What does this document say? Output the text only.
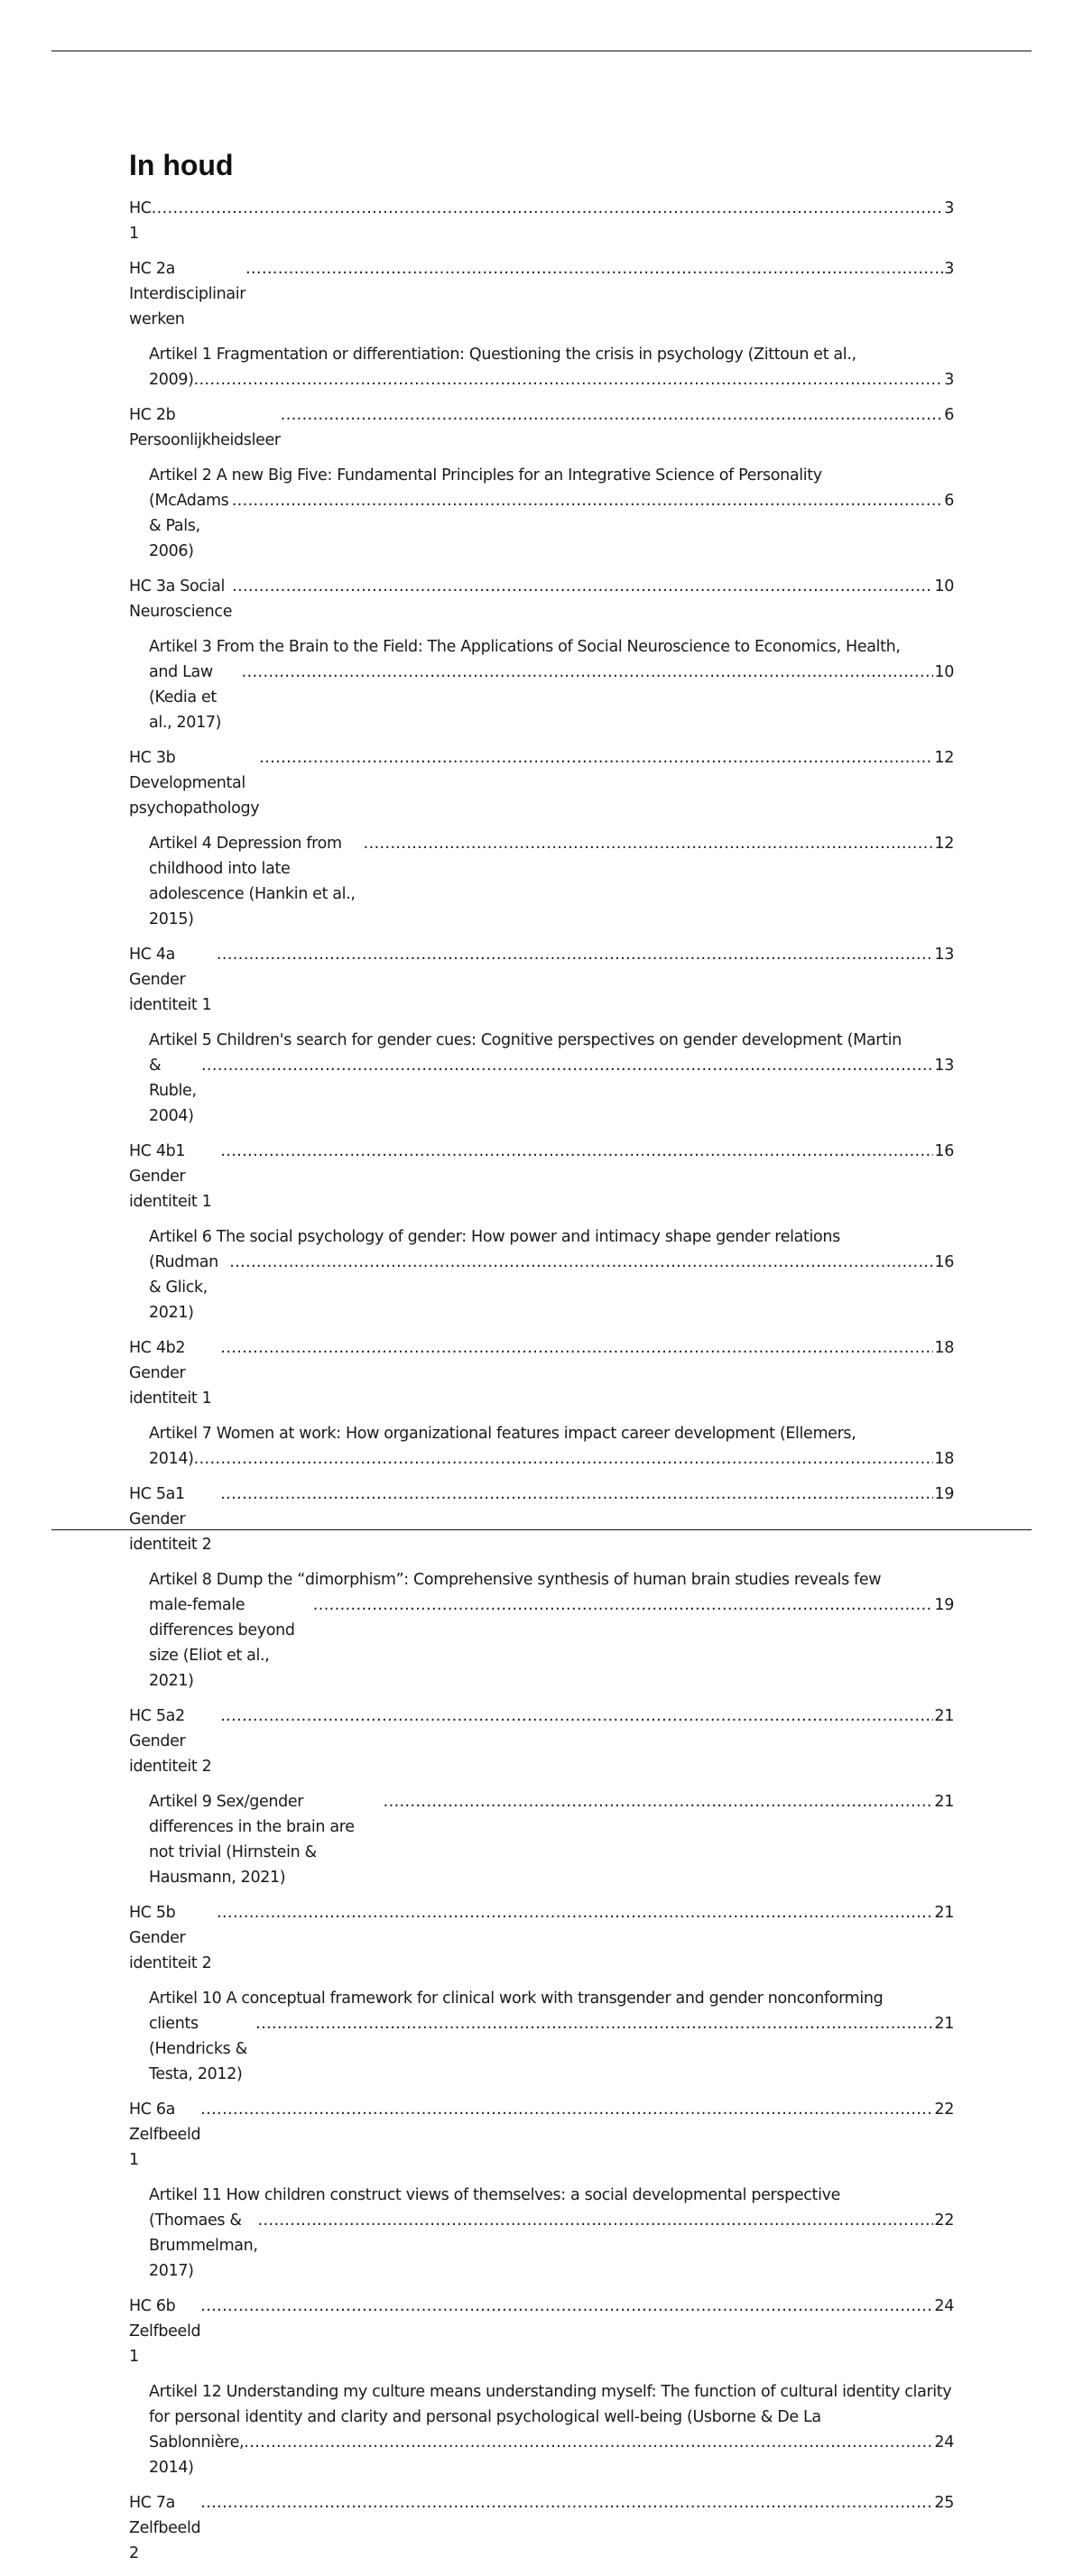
In houd
HC 1
.....
3
HC 2a Interdisciplinair werken
.....
3
Artikel 1 Fragmentation or differentiation: Questioning the crisis in psychology (Zittoun et al.,
2009) .....	3
HC 2b Persoonlijkheidsleer
.....
6
Artikel 2 A new Big Five: Fundamental Principles for an Integrative Science of Personality
(McAdams & Pals, 2006)
.....
6
HC 3a Social Neuroscience
.....
10
Artikel 3 From the Brain to the Field: The Applications of Social Neuroscience to Economics, Health,
and Law (Kedia et al., 2017)
.....
10
HC 3b Developmental psychopathology
.....
12
Artikel 4 Depression from childhood into late adolescence (Hankin et al., 2015)
.....
12
HC 4a Gender identiteit 1
.....
13
Artikel 5 Children's search for gender cues: Cognitive perspectives on gender development (Martin
& Ruble, 2004)
.....
13
HC 4b1 Gender identiteit 1
.....
16
Artikel 6 The social psychology of gender: How power and intimacy shape gender relations
(Rudman & Glick, 2021)
.....
16
HC 4b2 Gender identiteit 1
.....
18
Artikel 7 Women at work: How organizational features impact career development (Ellemers,
2014) .....	18
HC 5a1 Gender identiteit 2
.....
19
Artikel 8 Dump the “dimorphism”: Comprehensive synthesis of human brain studies reveals few
male-female differences beyond size (Eliot et al., 2021)
.....
19
HC 5a2 Gender identiteit 2
.....
21
Artikel 9 Sex/gender differences in the brain are not trivial (Hirnstein & Hausmann, 2021)
.....
21
HC 5b Gender identiteit 2
.....
21
Artikel 10 A conceptual framework for clinical work with transgender and gender nonconforming
clients (Hendricks & Testa, 2012)
.....
21
HC 6a Zelfbeeld 1
.....
22
Artikel 11 How children construct views of themselves: a social developmental perspective
(Thomaes & Brummelman, 2017)
.....
22
HC 6b Zelfbeeld 1
.....
24
Artikel 12 Understanding my culture means understanding myself: The function of cultural identity clarity for personal identity and clarity and personal psychological well-being (Usborne & De La
Sablonnière, 2014)
.....
24
HC 7a Zelfbeeld 2
.....
25
